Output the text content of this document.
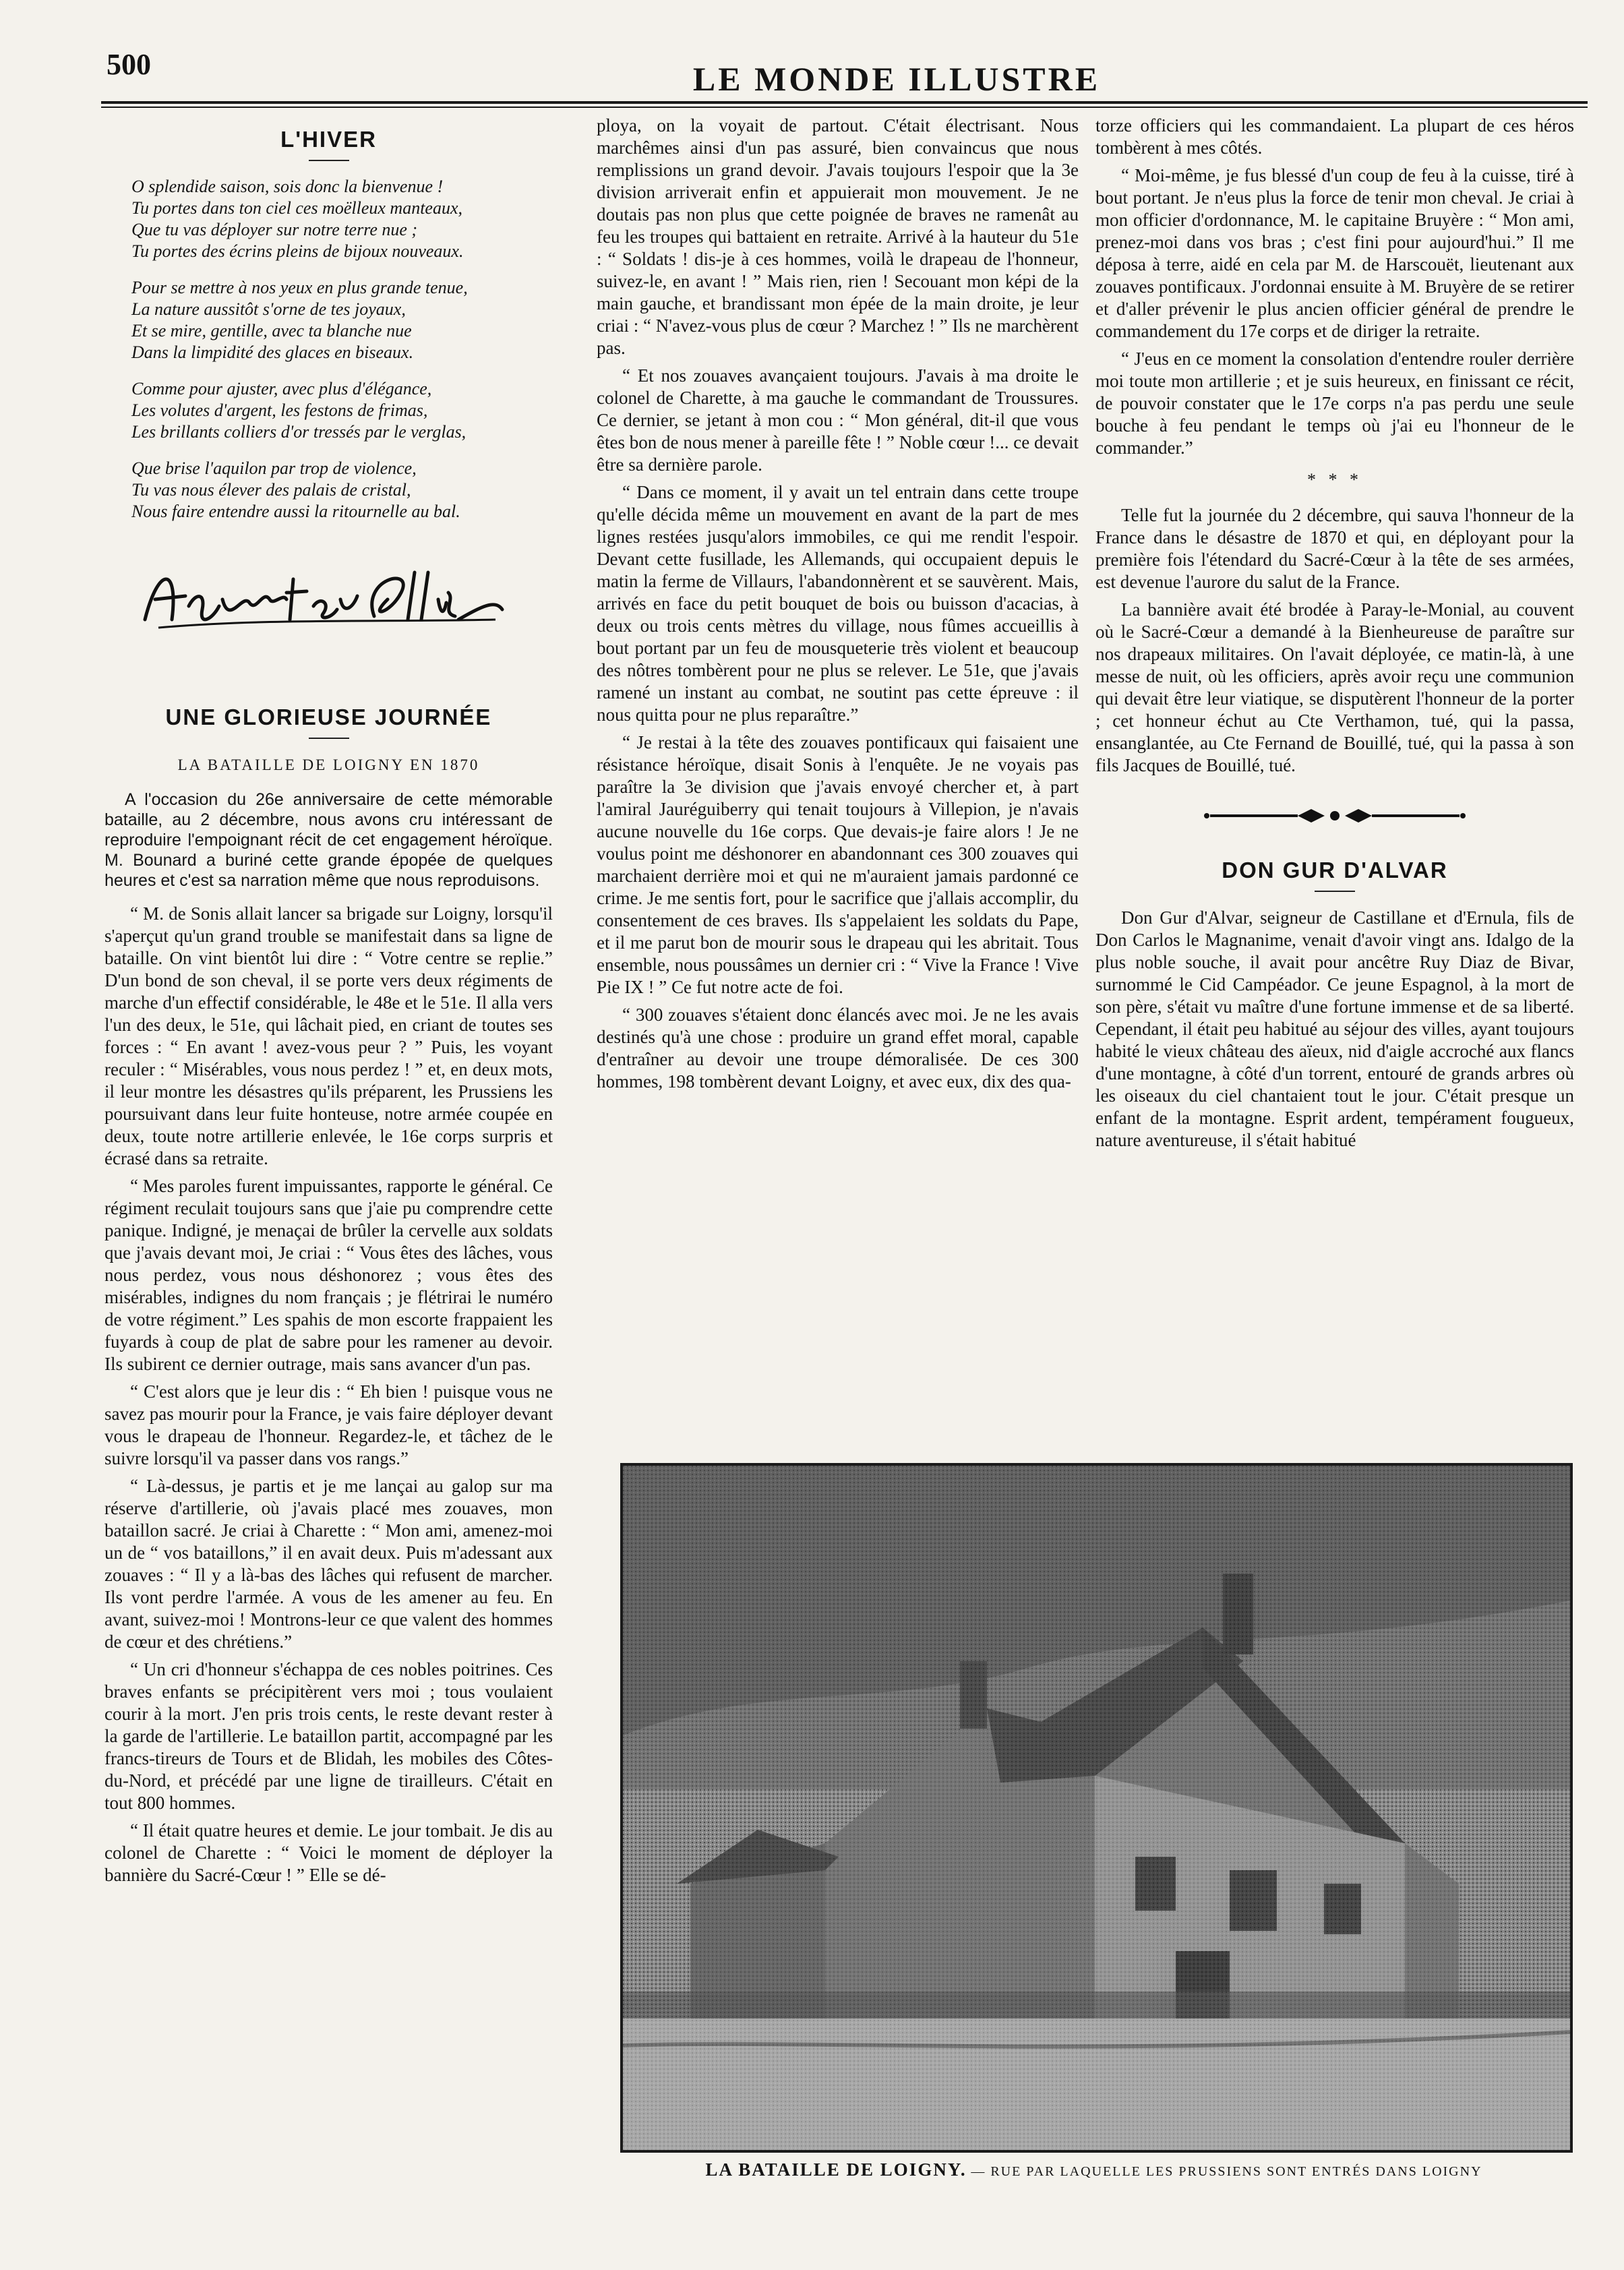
500	LE MONDE ILLUSTRE
L'HIVER
O splendide saison, sois donc la bienvenue !
Tu portes dans ton ciel ces moëlleux manteaux,
Que tu vas déployer sur notre terre nue ;
Tu portes des écrins pleins de bijoux nouveaux.
Pour se mettre à nos yeux en plus grande tenue,
La nature aussitôt s'orne de tes joyaux,
Et se mire, gentille, avec ta blanche nue
Dans la limpidité des glaces en biseaux.
Comme pour ajuster, avec plus d'élégance,
Les volutes d'argent, les festons de frimas,
Les brillants colliers d'or tressés par le verglas,
Que brise l'aquilon par trop de violence,
Tu vas nous élever des palais de cristal,
Nous faire entendre aussi la ritournelle au bal.
UNE GLORIEUSE JOURNÉE
LA BATAILLE DE LOIGNY EN 1870

A l'occasion du 26e anniversaire de cette mémorable bataille, au 2 décembre, nous avons cru intéressant de reproduire l'empoignant récit de cet engagement héroïque. M. Bounard a buriné cette grande épopée de quelques heures et c'est sa narration même que nous reproduisons.

“ M. de Sonis allait lancer sa brigade sur Loigny, lorsqu'il s'aperçut qu'un grand trouble se manifestait dans sa ligne de bataille. On vint bientôt lui dire : “ Votre centre se replie.” D'un bond de son cheval, il se porte vers deux régiments de marche d'un effectif considérable, le 48e et le 51e. Il alla vers l'un des deux, le 51e, qui lâchait pied, en criant de toutes ses forces : “ En avant ! avez-vous peur ? ” Puis, les voyant reculer : “ Misérables, vous nous perdez ! ” et, en deux mots, il leur montre les désastres qu'ils préparent, les Prussiens les poursuivant dans leur fuite honteuse, notre armée coupée en deux, toute notre artillerie enlevée, le 16e corps surpris et écrasé dans sa retraite.

“ Mes paroles furent impuissantes, rapporte le général. Ce régiment reculait toujours sans que j'aie pu comprendre cette panique. Indigné, je menaçai de brûler la cervelle aux soldats que j'avais devant moi, Je criai : “ Vous êtes des lâches, vous nous perdez, vous nous déshonorez ; vous êtes des misérables, indignes du nom français ; je flétrirai le numéro de votre régiment.” Les spahis de mon escorte frappaient les fuyards à coup de plat de sabre pour les ramener au devoir. Ils subirent ce dernier outrage, mais sans avancer d'un pas.

“ C'est alors que je leur dis : “ Eh bien ! puisque vous ne savez pas mourir pour la France, je vais faire déployer devant vous le drapeau de l'honneur. Regardez-le, et tâchez de le suivre lorsqu'il va passer dans vos rangs.”

“ Là-dessus, je partis et je me lançai au galop sur ma réserve d'artillerie, où j'avais placé mes zouaves, mon bataillon sacré. Je criai à Charette : “ Mon ami, amenez-moi un de “ vos bataillons,” il en avait deux. Puis m'adessant aux zouaves : “ Il y a là-bas des lâches qui refusent de marcher. Ils vont perdre l'armée. A vous de les amener au feu. En avant, suivez-moi ! Montrons-leur ce que valent des hommes de cœur et des chrétiens.”

“ Un cri d'honneur s'échappa de ces nobles poitrines. Ces braves enfants se précipitèrent vers moi ; tous voulaient courir à la mort. J'en pris trois cents, le reste devant rester à la garde de l'artillerie. Le bataillon partit, accompagné par les francs-tireurs de Tours et de Blidah, les mobiles des Côtes-du-Nord, et précédé par une ligne de tirailleurs. C'était en tout 800 hommes.

“ Il était quatre heures et demie. Le jour tombait. Je dis au colonel de Charette : “ Voici le moment de déployer la bannière du Sacré-Cœur ! ” Elle se dé-

ploya, on la voyait de partout. C'était électrisant. Nous marchêmes ainsi d'un pas assuré, bien convaincus que nous remplissions un grand devoir. J'avais toujours l'espoir que la 3e division arriverait enfin et appuierait mon mouvement. Je ne doutais pas non plus que cette poignée de braves ne ramenât au feu les troupes qui battaient en retraite. Arrivé à la hauteur du 51e : “ Soldats ! dis-je à ces hommes, voilà le drapeau de l'honneur, suivez-le, en avant ! ” Mais rien, rien ! Secouant mon képi de la main gauche, et brandissant mon épée de la main droite, je leur criai : “ N'avez-vous plus de cœur ? Marchez ! ” Ils ne marchèrent pas.

“ Et nos zouaves avançaient toujours. J'avais à ma droite le colonel de Charette, à ma gauche le commandant de Troussures. Ce dernier, se jetant à mon cou : “ Mon général, dit-il que vous êtes bon de nous mener à pareille fête ! ” Noble cœur !... ce devait être sa dernière parole.

“ Dans ce moment, il y avait un tel entrain dans cette troupe qu'elle décida même un mouvement en avant de la part de mes lignes restées jusqu'alors immobiles, ce qui me rendit l'espoir. Devant cette fusillade, les Allemands, qui occupaient depuis le matin la ferme de Villaurs, l'abandonnèrent et se sauvèrent. Mais, arrivés en face du petit bouquet de bois ou buisson d'acacias, à deux ou trois cents mètres du village, nous fûmes accueillis à bout portant par un feu de mousqueterie très violent et beaucoup des nôtres tombèrent pour ne plus se relever. Le 51e, que j'avais ramené un instant au combat, ne soutint pas cette épreuve : il nous quitta pour ne plus reparaître.”

“ Je restai à la tête des zouaves pontificaux qui faisaient une résistance héroïque, disait Sonis à l'enquête. Je ne voyais pas paraître la 3e division que j'avais envoyé chercher et, à part l'amiral Jauréguiberry qui tenait toujours à Villepion, je n'avais aucune nouvelle du 16e corps. Que devais-je faire alors ! Je ne voulus point me déshonorer en abandonnant ces 300 zouaves qui marchaient derrière moi et qui ne m'auraient jamais pardonné ce crime. Je me sentis fort, pour le sacrifice que j'allais accomplir, du consentement de ces braves. Ils s'appelaient les soldats du Pape, et il me parut bon de mourir sous le drapeau qui les abritait. Tous ensemble, nous poussâmes un dernier cri : “ Vive la France ! Vive Pie IX ! ” Ce fut notre acte de foi.

“ 300 zouaves s'étaient donc élancés avec moi. Je ne les avais destinés qu'à une chose : produire un grand effet moral, capable d'entraîner au devoir une troupe démoralisée. De ces 300 hommes, 198 tombèrent devant Loigny, et avec eux, dix des qua-

torze officiers qui les commandaient. La plupart de ces héros tombèrent à mes côtés.

“ Moi-même, je fus blessé d'un coup de feu à la cuisse, tiré à bout portant. Je n'eus plus la force de tenir mon cheval. Je criai à mon officier d'ordonnance, M. le capitaine Bruyère : “ Mon ami, prenez-moi dans vos bras ; c'est fini pour aujourd'hui.” Il me déposa à terre, aidé en cela par M. de Harscouët, lieutenant aux zouaves pontificaux. J'ordonnai ensuite à M. Bruyère de se retirer et d'aller prévenir le plus ancien officier général de prendre le commandement du 17e corps et de diriger la retraite.

“ J'eus en ce moment la consolation d'entendre rouler derrière moi toute mon artillerie ; et je suis heureux, en finissant ce récit, de pouvoir constater que le 17e corps n'a pas perdu une seule bouche à feu pendant le temps où j'ai eu l'honneur de le commander.”

* * *

Telle fut la journée du 2 décembre, qui sauva l'honneur de la France dans le désastre de 1870 et qui, en déployant pour la première fois l'étendard du Sacré-Cœur à la tête de ses armées, est devenue l'aurore du salut de la France.

La bannière avait été brodée à Paray-le-Monial, au couvent où le Sacré-Cœur a demandé à la Bienheureuse de paraître sur nos drapeaux militaires. On l'avait déployée, ce matin-là, à une messe de nuit, où les officiers, après avoir reçu une communion qui devait être leur viatique, se disputèrent l'honneur de la porter ; cet honneur échut au Cte Verthamon, tué, qui la passa, ensanglantée, au Cte Fernand de Bouillé, tué, qui la passa à son fils Jacques de Bouillé, tué.

DON GUR D'ALVAR

Don Gur d'Alvar, seigneur de Castillane et d'Ernula, fils de Don Carlos le Magnanime, venait d'avoir vingt ans. Idalgo de la plus noble souche, il avait pour ancêtre Ruy Diaz de Bivar, surnommé le Cid Campéador. Ce jeune Espagnol, à la mort de son père, s'était vu maître d'une fortune immense et de sa liberté. Cependant, il était peu habitué au séjour des villes, ayant toujours habité le vieux château des aïeux, nid d'aigle accroché aux flancs d'une montagne, à côté d'un torrent, entouré de grands arbres où les oiseaux du ciel chantaient tout le jour. C'était presque un enfant de la montagne. Esprit ardent, tempérament fougueux, nature aventureuse, il s'était habitué

LA BATAILLE DE LOIGNY. — RUE PAR LAQUELLE LES PRUSSIENS SONT ENTRÉS DANS LOIGNY
